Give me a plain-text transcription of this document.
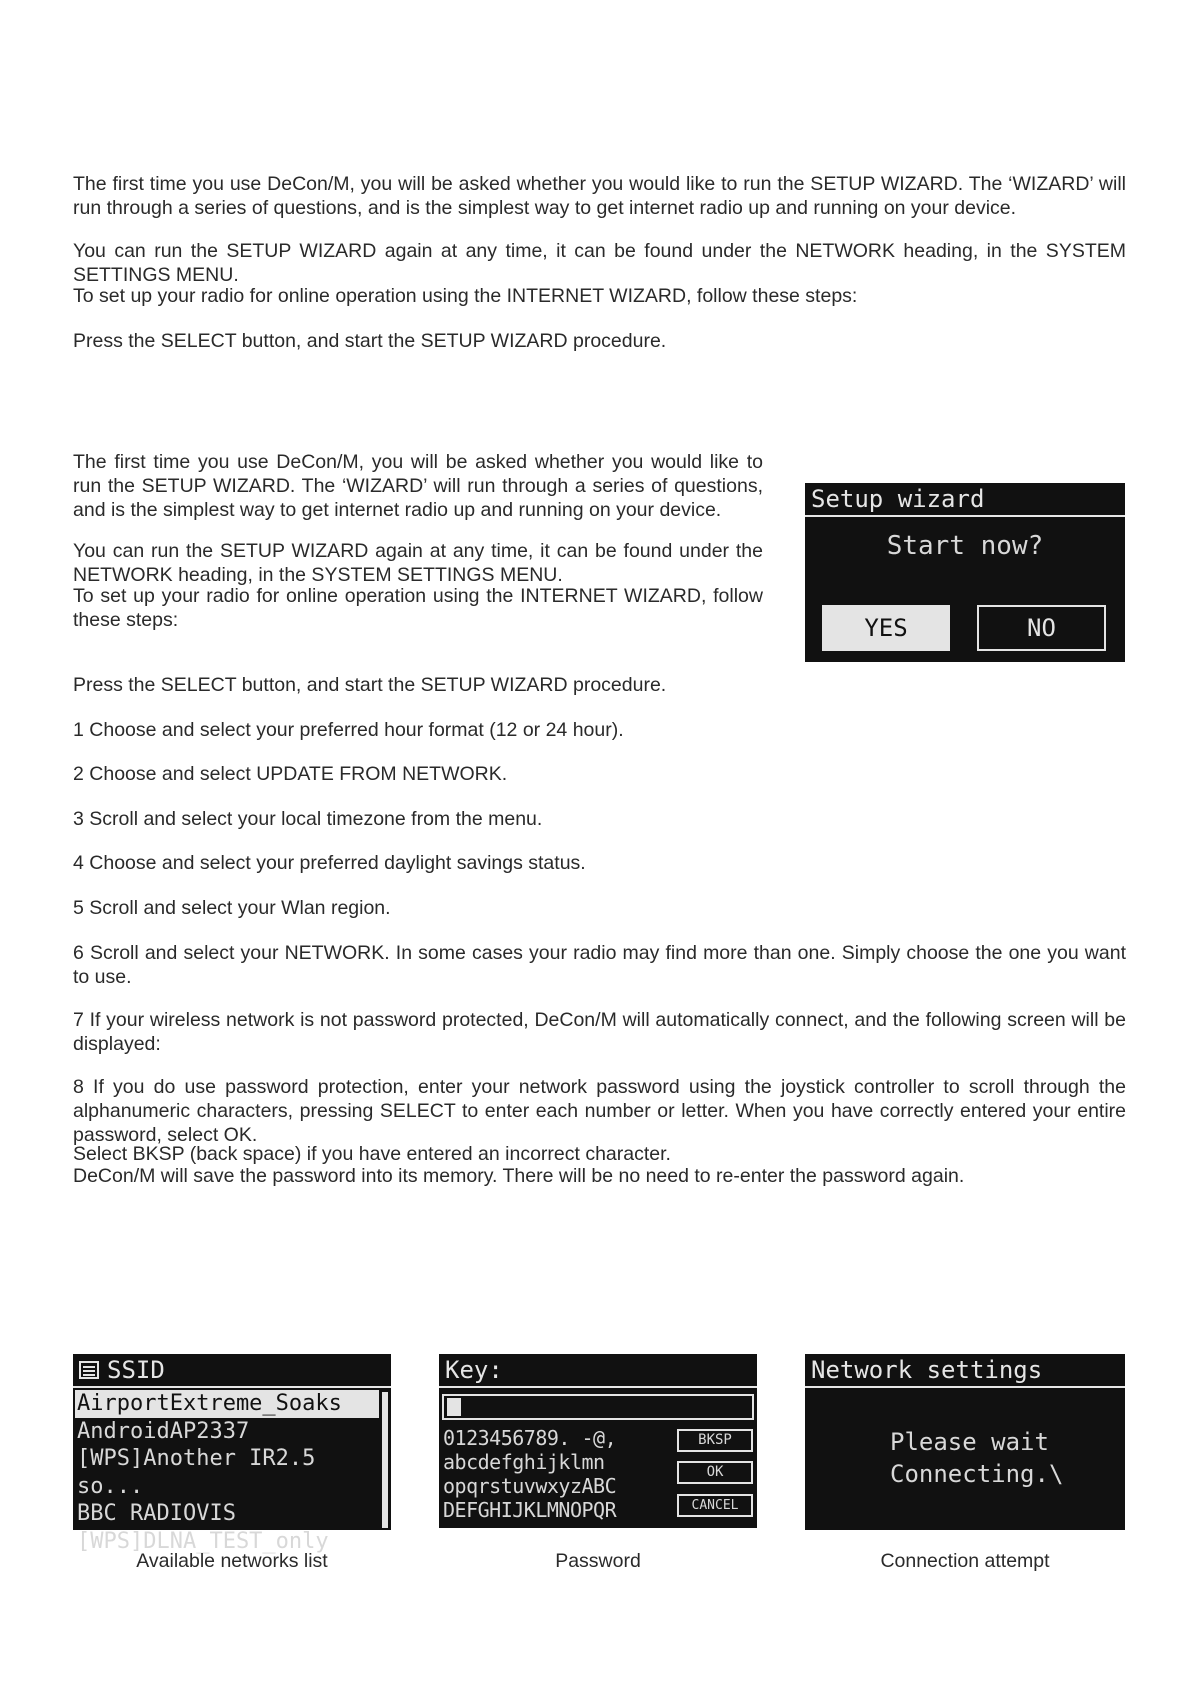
The first time you use DeCon/M, you will be asked whether you would like to run the SETUP WIZARD. The ‘WIZARD’ will run through a series of questions, and is the simplest way to get internet radio up and running on your device.

You can run the SETUP WIZARD again at any time, it can be found under the NETWORK heading, in the SYSTEM SETTINGS MENU.

To set up your radio for online operation using the INTERNET WIZARD, follow these steps:

Press the SELECT button, and start the SETUP WIZARD procedure.

The first time you use DeCon/M, you will be asked whether you would like to run the SETUP WIZARD. The ‘WIZARD’ will run through a series of questions, and is the simplest way to get internet radio up and running on your device.

You can run the SETUP WIZARD again at any time, it can be found under the NETWORK heading, in the SYSTEM SETTINGS MENU.

To set up your radio for online operation using the INTERNET WIZARD, follow these steps:

Press the SELECT button, and start the SETUP WIZARD procedure.

Setup wizard
Start now?
YES	NO

1 Choose and select your preferred hour format (12 or 24 hour).

2 Choose and select UPDATE FROM NETWORK.

3 Scroll and select your local timezone from the menu.

4 Choose and select your preferred daylight savings status.

5 Scroll and select your Wlan region.

6 Scroll and select your NETWORK. In some cases your radio may find more than one. Simply choose the one you want to use.

7 If your wireless network is not password protected, DeCon/M will automatically connect, and the following screen will be displayed:

8 If you do use password protection, enter your network password using the joystick controller to scroll through the alphanumeric characters, pressing SELECT to enter each number or letter. When you have correctly entered your entire password, select OK.

Select BKSP (back space) if you have entered an incorrect character.

DeCon/M will save the password into its memory. There will be no need to re-enter the password again.

SSID
AirportExtreme_Soaks
AndroidAP2337
[WPS]Another IR2.5 so...
BBC RADIOVIS
[WPS]DLNA_TEST_only
Available networks list
Key:
0123456789. -@,
abcdefghijklmn
opqrstuvwxyzABC
DEFGHIJKLMNOPQR
BKSP
OK
CANCEL
Password
Network settings
Please wait
Connecting.\
Connection attempt
